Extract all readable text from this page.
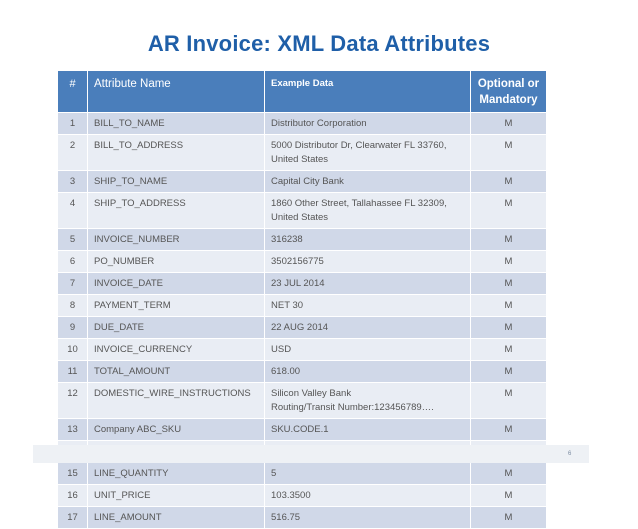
AR Invoice: XML Data Attributes
#	Attribute Name	Example Data	Optional or
Mandatory
1	BILL_TO_NAME	Distributor Corporation	M
2	BILL_TO_ADDRESS	5000 Distributor Dr, Clearwater FL 33760,
United States	M
3	SHIP_TO_NAME	Capital City Bank	M
4	SHIP_TO_ADDRESS	1860 Other Street, Tallahassee FL 32309,
United States	M
5	INVOICE_NUMBER	316238	M
6	PO_NUMBER	3502156775	M
7	INVOICE_DATE	23 JUL 2014	M
8	PAYMENT_TERM	NET 30	M
9	DUE_DATE	22 AUG 2014	M
10	INVOICE_CURRENCY	USD	M
11	TOTAL_AMOUNT	618.00	M
12	DOMESTIC_WIRE_INSTRUCTIONS	Silicon Valley Bank
Routing/Transit Number:123456789….	M
13	Company ABC_SKU	SKU.CODE.1	M

15	LINE_QUANTITY	5	M
16	UNIT_PRICE	103.3500	M
17	LINE_AMOUNT	516.75	M
6
